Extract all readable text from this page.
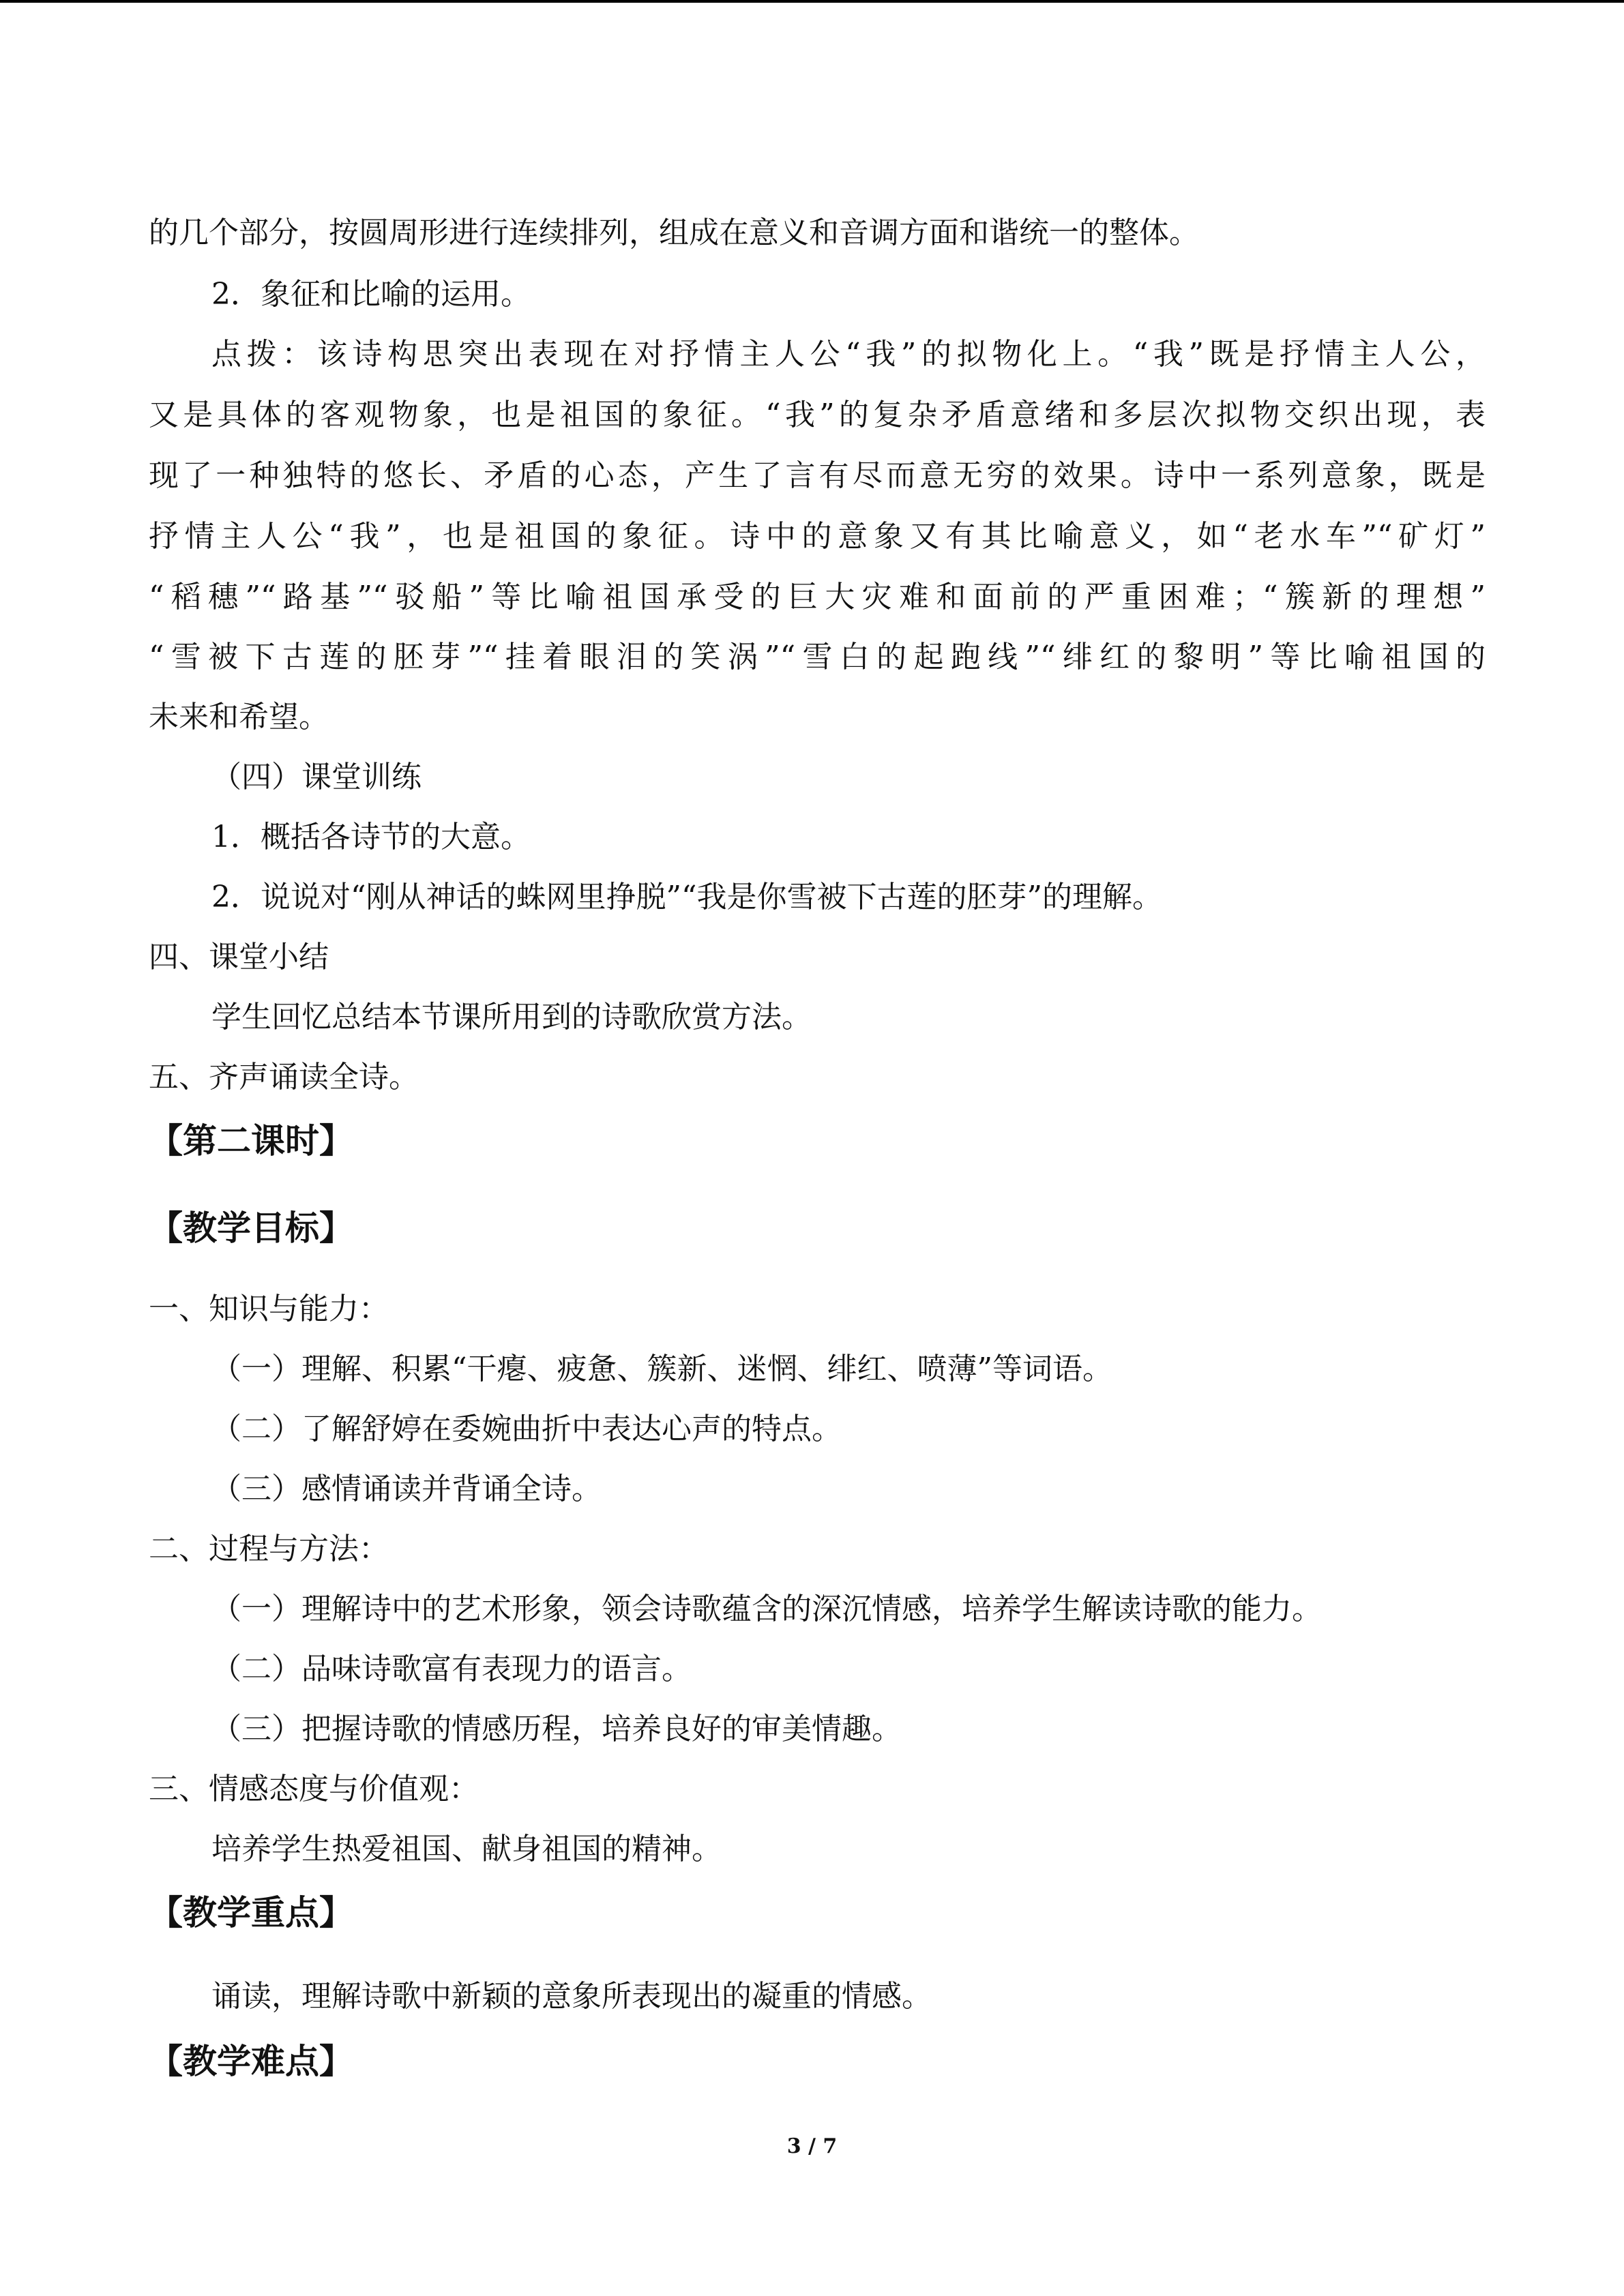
的几个部分，按圆周形进行连续排列，组成在意义和音调方面和谐统一的整体。
2．象征和比喻的运用。
点拨：该诗构思突出表现在对抒情主人公“我”的拟物化上。“我”既是抒情主人公，
又是具体的客观物象，也是祖国的象征。“我”的复杂矛盾意绪和多层次拟物交织出现，表
现了一种独特的悠长、矛盾的心态，产生了言有尽而意无穷的效果。诗中一系列意象，既是
抒情主人公“我”，也是祖国的象征。诗中的意象又有其比喻意义，如“老水车”“矿灯”
“稻穗”“路基”“驳船”等比喻祖国承受的巨大灾难和面前的严重困难；“簇新的理想”
“雪被下古莲的胚芽”“挂着眼泪的笑涡”“雪白的起跑线”“绯红的黎明”等比喻祖国的
未来和希望。
（四）课堂训练
1．概括各诗节的大意。
2．说说对“刚从神话的蛛网里挣脱”“我是你雪被下古莲的胚芽”的理解。
四、课堂小结
学生回忆总结本节课所用到的诗歌欣赏方法。
五、齐声诵读全诗。
【第二课时】
【教学目标】
一、知识与能力：
（一）理解、积累“干瘪、疲惫、簇新、迷惘、绯红、喷薄”等词语。
（二）了解舒婷在委婉曲折中表达心声的特点。
（三）感情诵读并背诵全诗。
二、过程与方法：
（一）理解诗中的艺术形象，领会诗歌蕴含的深沉情感，培养学生解读诗歌的能力。
（二）品味诗歌富有表现力的语言。
（三）把握诗歌的情感历程，培养良好的审美情趣。
三、情感态度与价值观：
培养学生热爱祖国、献身祖国的精神。
【教学重点】
诵读，理解诗歌中新颖的意象所表现出的凝重的情感。
【教学难点】
3 / 7
